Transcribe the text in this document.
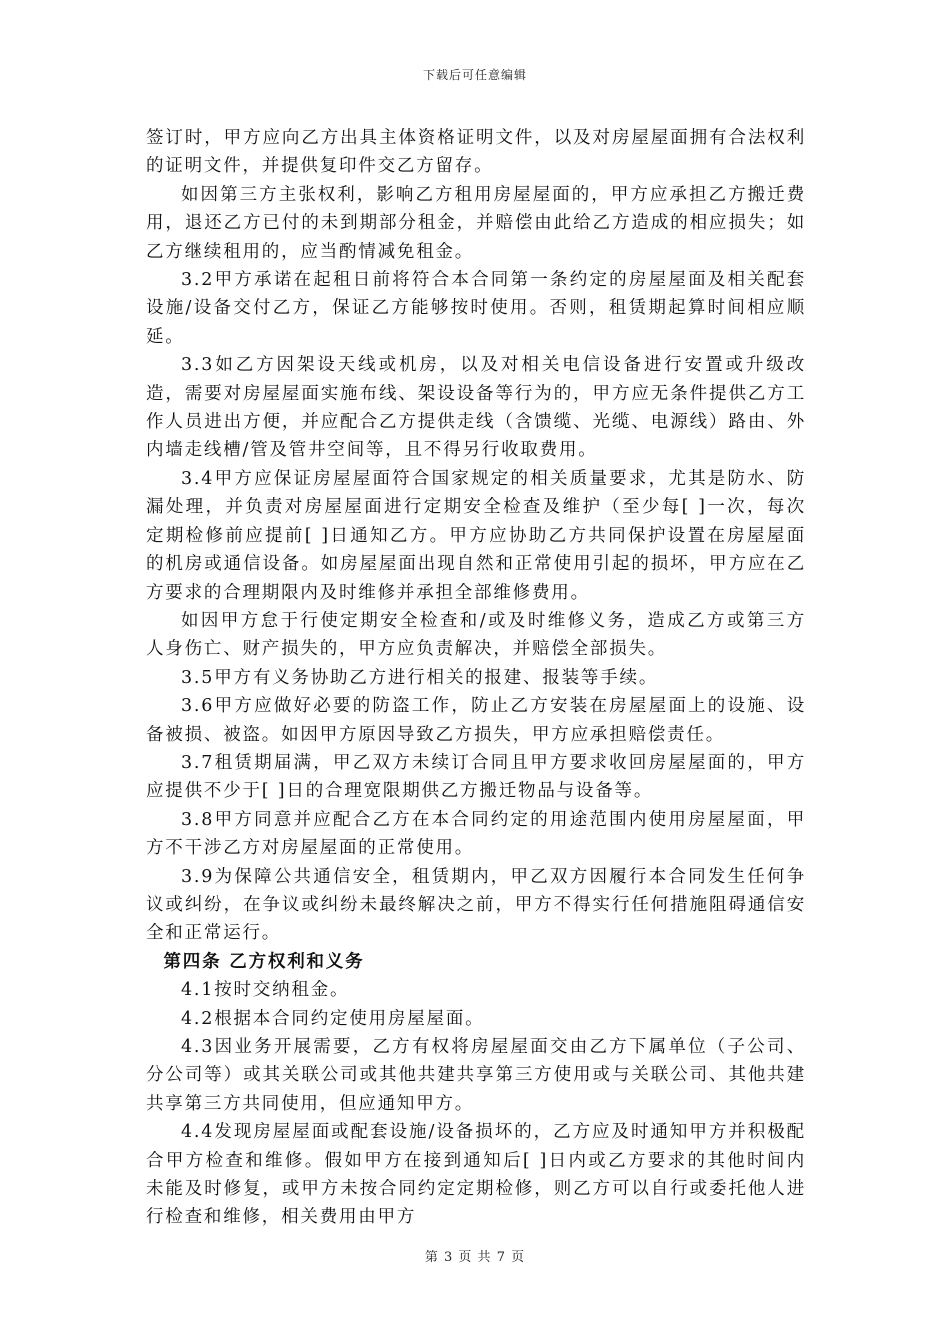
下载后可任意编辑

签订时，甲方应向乙方出具主体资格证明文件，以及对房屋屋面拥有合法权利的证明文件，并提供复印件交乙方留存。

如因第三方主张权利，影响乙方租用房屋屋面的，甲方应承担乙方搬迁费用，退还乙方已付的未到期部分租金，并赔偿由此给乙方造成的相应损失；如乙方继续租用的，应当酌情减免租金。

3.2甲方承诺在起租日前将符合本合同第一条约定的房屋屋面及相关配套设施/设备交付乙方，保证乙方能够按时使用。否则，租赁期起算时间相应顺延。

3.3如乙方因架设天线或机房，以及对相关电信设备进行安置或升级改造，需要对房屋屋面实施布线、架设设备等行为的，甲方应无条件提供乙方工作人员进出方便，并应配合乙方提供走线（含馈缆、光缆、电源线）路由、外内墙走线槽/管及管井空间等，且不得另行收取费用。

3.4甲方应保证房屋屋面符合国家规定的相关质量要求，尤其是防水、防漏处理，并负责对房屋屋面进行定期安全检查及维护（至少每[ ]一次，每次定期检修前应提前[ ]日通知乙方。甲方应协助乙方共同保护设置在房屋屋面的机房或通信设备。如房屋屋面出现自然和正常使用引起的损坏，甲方应在乙方要求的合理期限内及时维修并承担全部维修费用。

如因甲方怠于行使定期安全检查和/或及时维修义务，造成乙方或第三方人身伤亡、财产损失的，甲方应负责解决，并赔偿全部损失。

3.5甲方有义务协助乙方进行相关的报建、报装等手续。

3.6甲方应做好必要的防盗工作，防止乙方安装在房屋屋面上的设施、设备被损、被盗。如因甲方原因导致乙方损失，甲方应承担赔偿责任。

3.7租赁期届满，甲乙双方未续订合同且甲方要求收回房屋屋面的，甲方应提供不少于[ ]日的合理宽限期供乙方搬迁物品与设备等。

3.8甲方同意并应配合乙方在本合同约定的用途范围内使用房屋屋面，甲方不干涉乙方对房屋屋面的正常使用。

3.9为保障公共通信安全，租赁期内，甲乙双方因履行本合同发生任何争议或纠纷，在争议或纠纷未最终解决之前，甲方不得实行任何措施阻碍通信安全和正常运行。

第四条 乙方权利和义务

4.1按时交纳租金。

4.2根据本合同约定使用房屋屋面。

4.3因业务开展需要，乙方有权将房屋屋面交由乙方下属单位（子公司、分公司等）或其关联公司或其他共建共享第三方使用或与关联公司、其他共建共享第三方共同使用，但应通知甲方。

4.4发现房屋屋面或配套设施/设备损坏的，乙方应及时通知甲方并积极配合甲方检查和维修。假如甲方在接到通知后[ ]日内或乙方要求的其他时间内未能及时修复，或甲方未按合同约定定期检修，则乙方可以自行或委托他人进行检查和维修，相关费用由甲方

第 3 页 共 7 页
